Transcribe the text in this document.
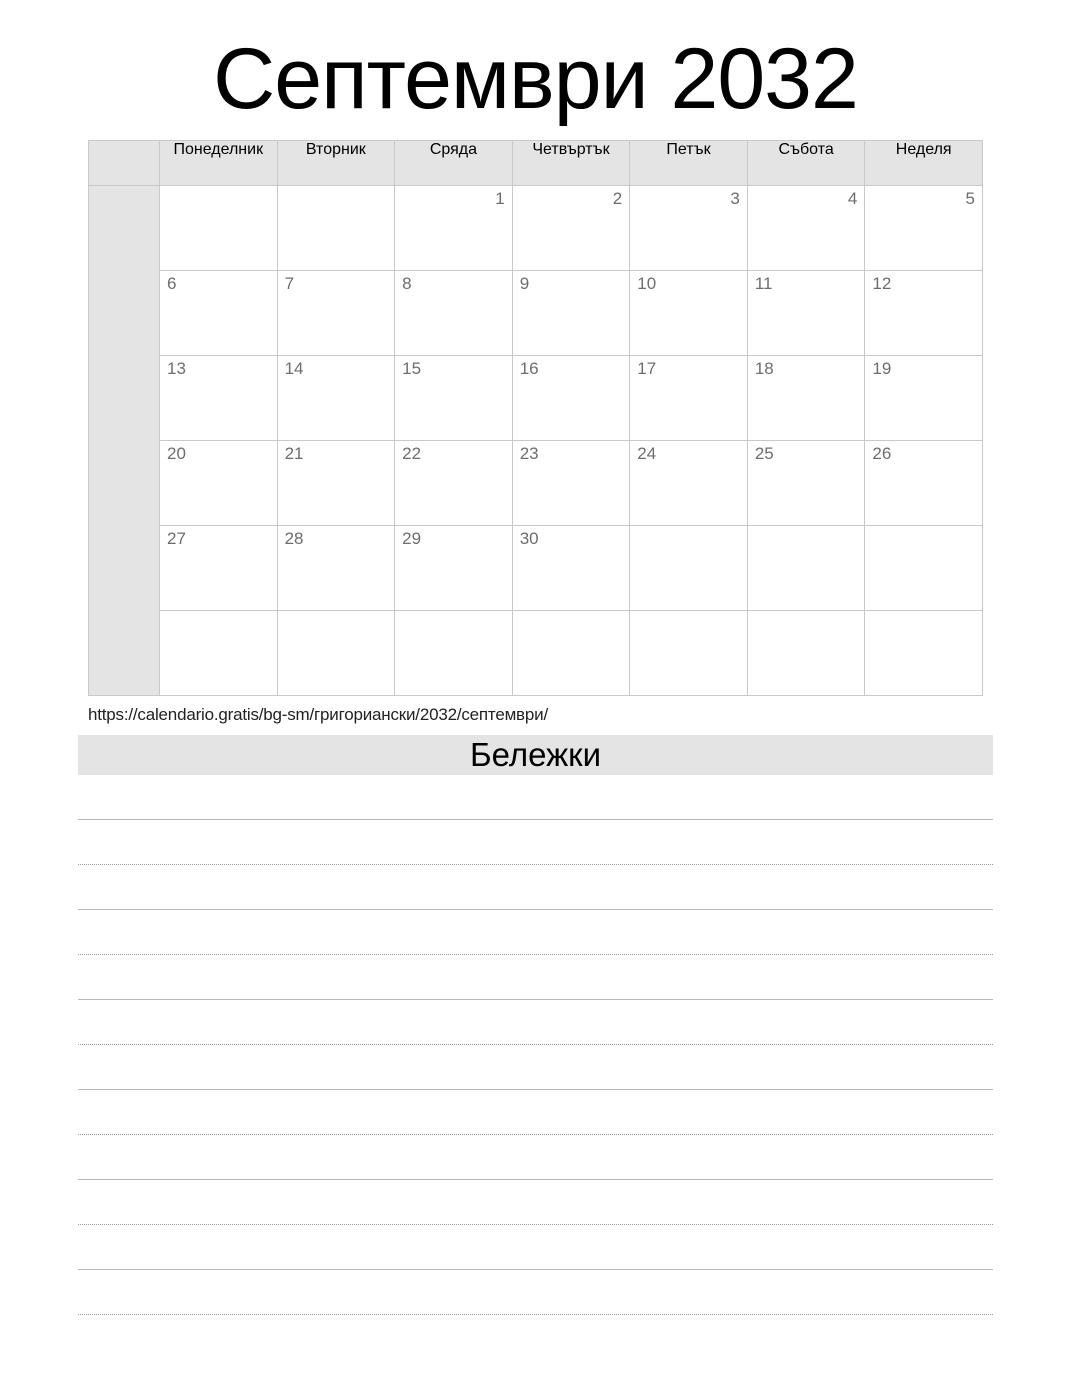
Септември 2032
	Понеделник	Вторник	Сряда	Четвъртък	Петък	Събота	Неделя

			1	2	3	4	5

	6	7	8	9	10	11	12

	13	14	15	16	17	18	19

	20	21	22	23	24	25	26

	27	28	29	30			

https://calendario.gratis/bg-sm/григориански/2032/септември/
Бележки
